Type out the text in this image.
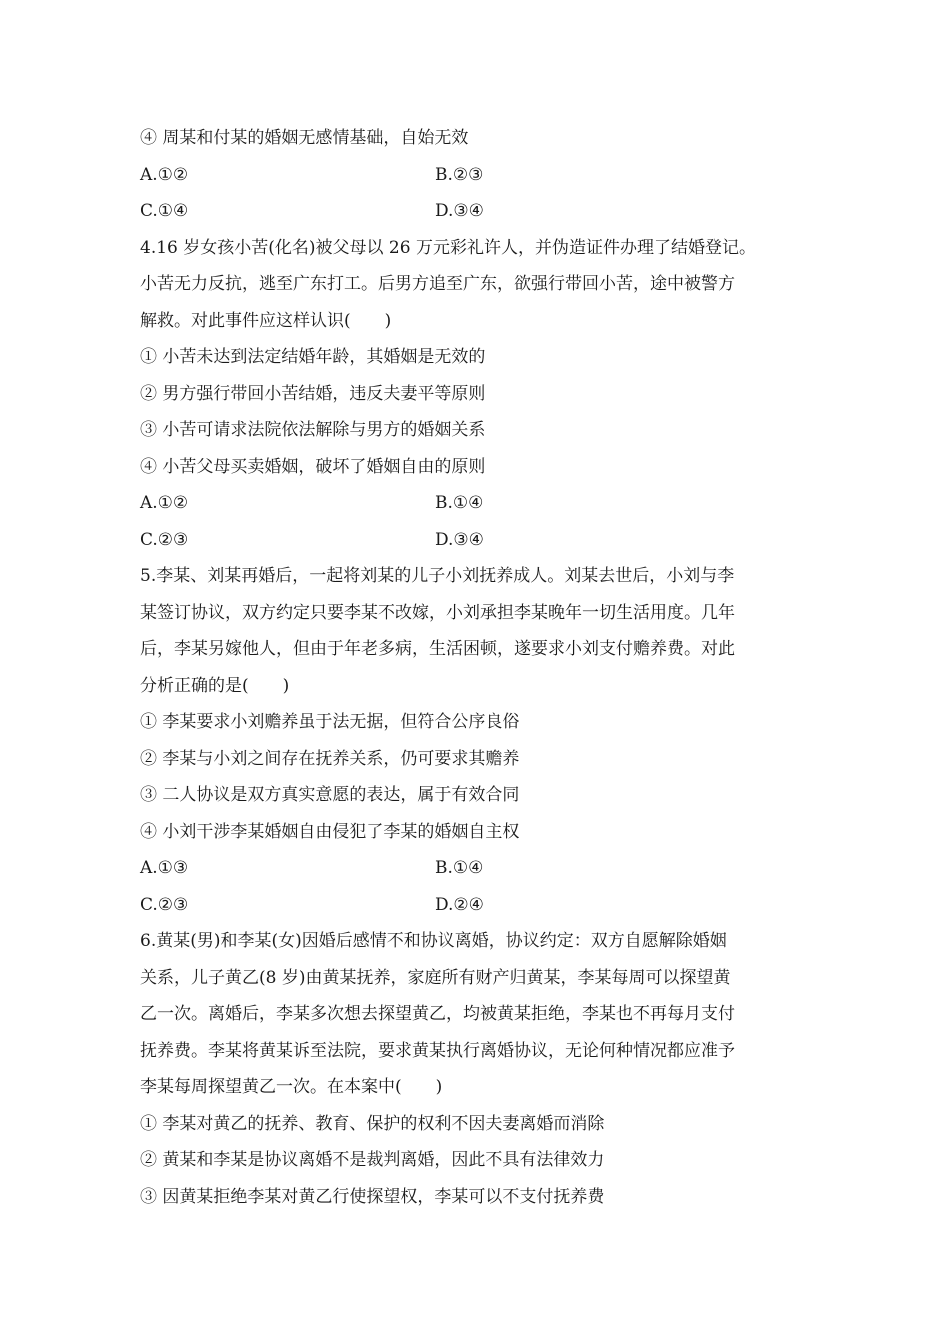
④ 周某和付某的婚姻无感情基础，自始无效
A.①②	B.②③
C.①④	D.③④
4.16 岁女孩小苦(化名)被父母以 26 万元彩礼许人，并伪造证件办理了结婚登记。
小苦无力反抗，逃至广东打工。后男方追至广东，欲强行带回小苦，途中被警方
解救。对此事件应这样认识(　　)
① 小苦未达到法定结婚年龄，其婚姻是无效的
② 男方强行带回小苦结婚，违反夫妻平等原则
③ 小苦可请求法院依法解除与男方的婚姻关系
④ 小苦父母买卖婚姻，破坏了婚姻自由的原则
A.①②	B.①④
C.②③	D.③④
5.李某、刘某再婚后，一起将刘某的儿子小刘抚养成人。刘某去世后，小刘与李
某签订协议，双方约定只要李某不改嫁，小刘承担李某晚年一切生活用度。几年
后，李某另嫁他人，但由于年老多病，生活困顿，遂要求小刘支付赡养费。对此
分析正确的是(　　)
① 李某要求小刘赡养虽于法无据，但符合公序良俗
② 李某与小刘之间存在抚养关系，仍可要求其赡养
③ 二人协议是双方真实意愿的表达，属于有效合同
④ 小刘干涉李某婚姻自由侵犯了李某的婚姻自主权
A.①③	B.①④
C.②③	D.②④
6.黄某(男)和李某(女)因婚后感情不和协议离婚，协议约定：双方自愿解除婚姻
关系，儿子黄乙(8 岁)由黄某抚养，家庭所有财产归黄某，李某每周可以探望黄
乙一次。离婚后，李某多次想去探望黄乙，均被黄某拒绝，李某也不再每月支付
抚养费。李某将黄某诉至法院，要求黄某执行离婚协议，无论何种情况都应准予
李某每周探望黄乙一次。在本案中(　　)
① 李某对黄乙的抚养、教育、保护的权利不因夫妻离婚而消除
② 黄某和李某是协议离婚不是裁判离婚，因此不具有法律效力
③ 因黄某拒绝李某对黄乙行使探望权，李某可以不支付抚养费
